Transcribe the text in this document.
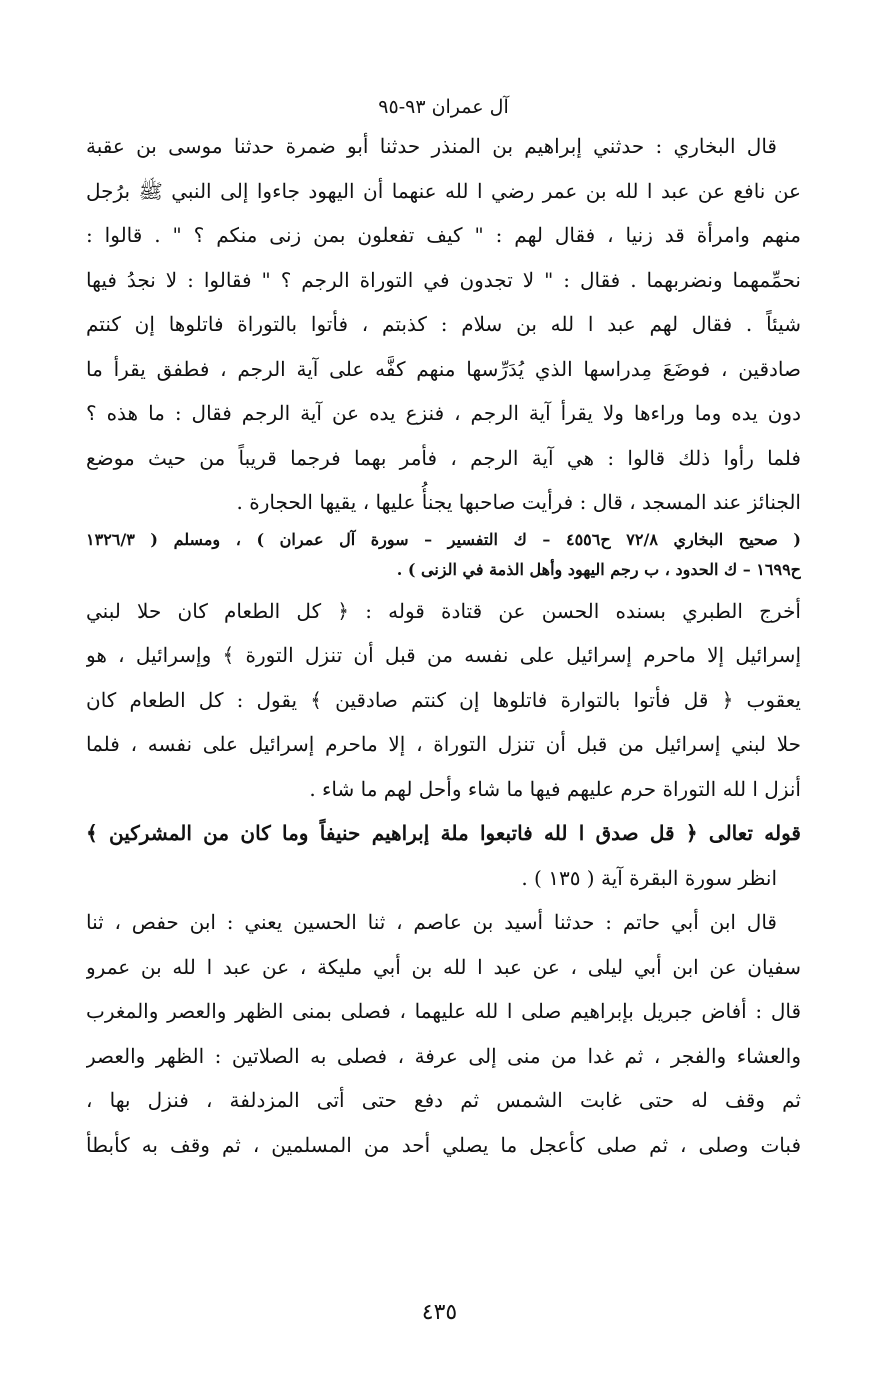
آل عمران ٩٣-٩٥
قال البخاري : حدثني إبراهيم بن المنذر حدثنا أبو ضمرة حدثنا موسى بن عقبة
عن نافع عن عبد ا لله بن عمر رضي ا لله عنهما أن اليهود جاءوا إلى النبي ﷺ برُجل
منهم وامرأة قد زنيا ، فقال لهم : " كيف تفعلون بمن زنى منكم ؟ " . قالوا :
نحمِّمهما ونضربهما . فقال : " لا تجدون في التوراة الرجم ؟ " فقالوا : لا نجدُ فيها
شيئاً . فقال لهم عبد ا لله بن سلام : كذبتم ، فأتوا بالتوراة فاتلوها إن كنتم
صادقين ، فوضَعَ مِدراسها الذي يُدَرِّسها منهم كفَّه على آية الرجم ، فطفق يقرأ ما
دون يده وما وراءها ولا يقرأ آية الرجم ، فنزع يده عن آية الرجم فقال : ما هذه ؟
فلما رأوا ذلك قالوا : هي آية الرجم ، فأمر بهما فرجما قريباً من حيث موضع
الجنائز عند المسجد ، قال : فرأيت صاحبها يجنأُ عليها ، يقيها الحجارة .
( صحيح البخاري ٧٢/٨ ح٤٥٥٦ – ك التفسير – سورة آل عمران ) ، ومسلم ( ١٣٢٦/٣
ح١٦٩٩ – ك الحدود ، ب رجم اليهود وأهل الذمة في الزنى ) .
أخرج الطبري بسنده الحسن عن قتادة قوله : ﴿ كل الطعام كان حلا لبني
إسرائيل إلا ماحرم إسرائيل على نفسه من قبل أن تنزل التورة ﴾ وإسرائيل ، هو
يعقوب ﴿ قل فأتوا بالتوارة فاتلوها إن كنتم صادقين ﴾ يقول : كل الطعام كان
حلا لبني إسرائيل من قبل أن تنزل التوراة ، إلا ماحرم إسرائيل على نفسه ، فلما
أنزل ا لله التوراة حرم عليهم فيها ما شاء وأحل لهم ما شاء .
قوله تعالى ﴿ قل صدق ا لله فاتبعوا ملة إبراهيم حنيفاً وما كان من المشركين ﴾
انظر سورة البقرة آية ( ١٣٥ ) .
قال ابن أبي حاتم : حدثنا أسيد بن عاصم ، ثنا الحسين يعني : ابن حفص ، ثنا
سفيان عن ابن أبي ليلى ، عن عبد ا لله بن أبي مليكة ، عن عبد ا لله بن عمرو
قال : أفاض جبريل بإبراهيم صلى ا لله عليهما ، فصلى بمنى الظهر والعصر والمغرب
والعشاء والفجر ، ثم غدا من منى إلى عرفة ، فصلى به الصلاتين : الظهر والعصر
ثم وقف له حتى غابت الشمس ثم دفع حتى أتى المزدلفة ، فنزل بها ،
فبات وصلى ، ثم صلى كأعجل ما يصلي أحد من المسلمين ، ثم وقف به كأبطأ
٤٣٥
